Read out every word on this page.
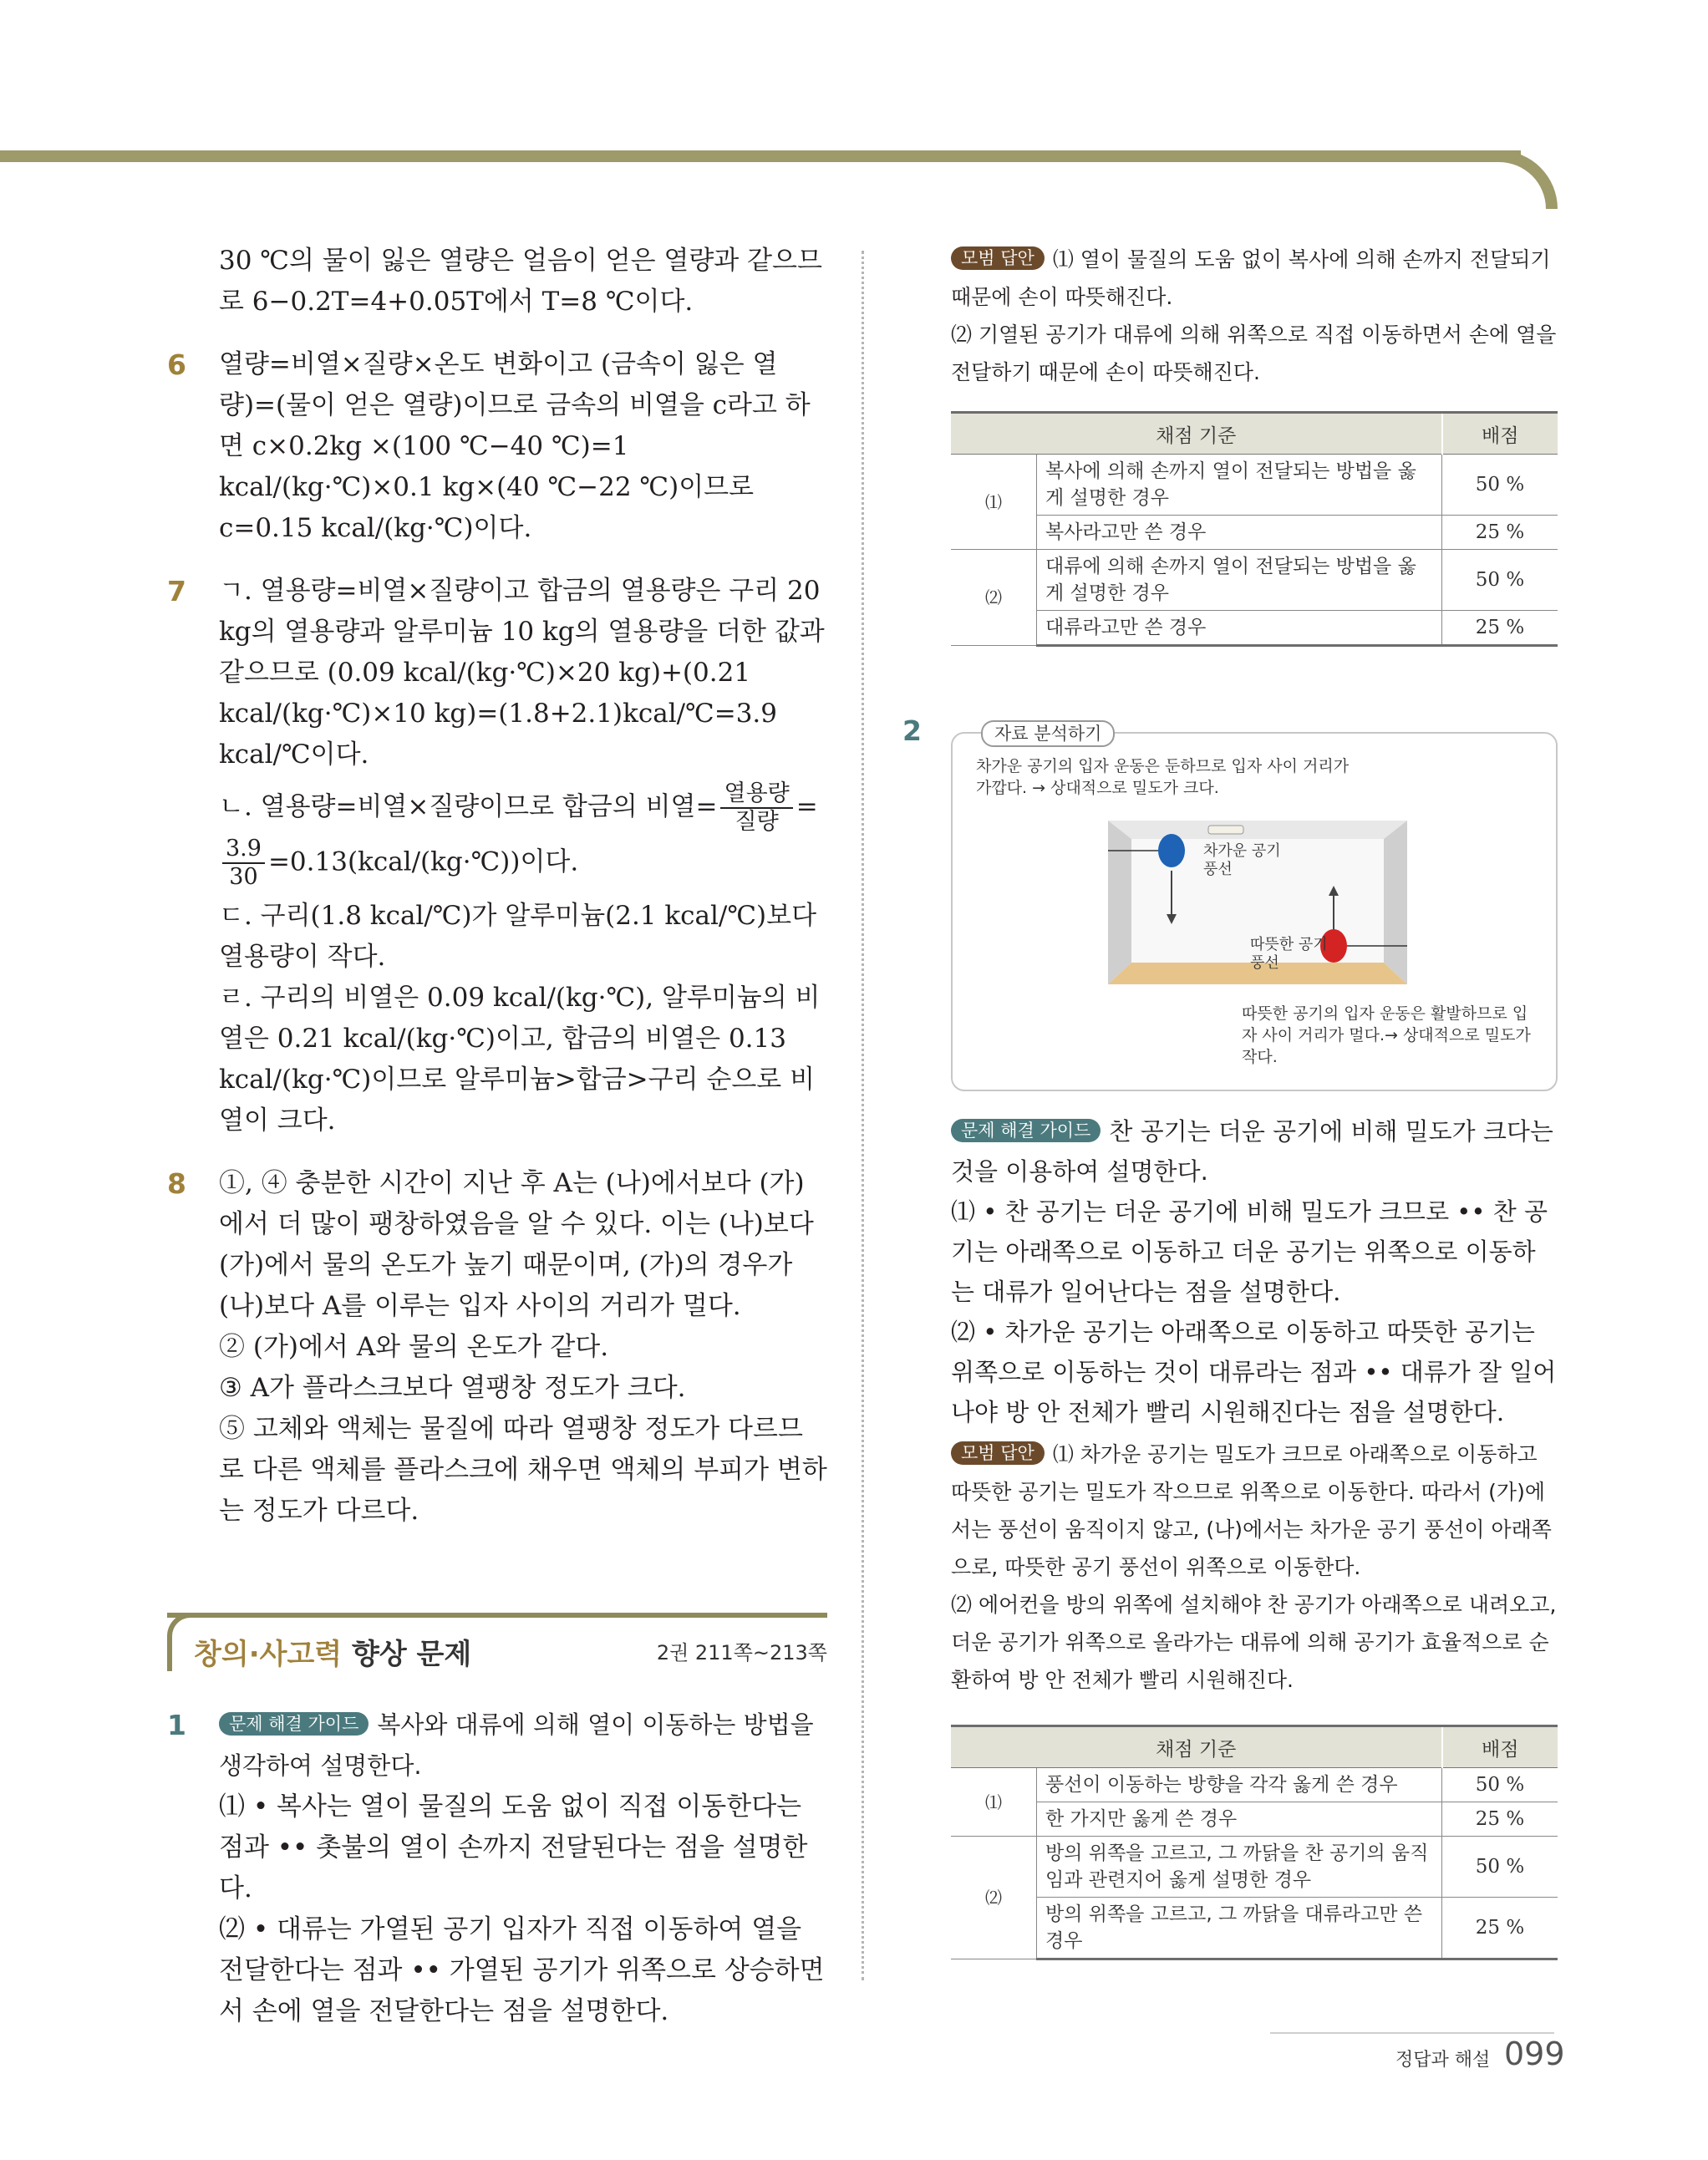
30 ℃의 물이 잃은 열량은 얼음이 얻은 열량과 같으므로 6−0.2T=4+0.05T에서 T=8 ℃이다.
6 열량=비열×질량×온도 변화이고 (금속이 잃은 열량)=(물이 얻은 열량)이므로 금속의 비열을 c라고 하면 c×0.2kg ×(100 ℃−40 ℃)=1 kcal/(kg·℃)×0.1 kg×(40 ℃−22 ℃)이므로 c=0.15 kcal/(kg·℃)이다.
7 ㄱ. 열용량=비열×질량이고 합금의 열용량은 구리 20 kg의 열용량과 알루미늄 10 kg의 열용량을 더한 값과 같으므로 (0.09 kcal/(kg·℃)×20 kg)+(0.21 kcal/(kg·℃)×10 kg)=(1.8+2.1)kcal/℃=3.9 kcal/℃이다.
ㄴ. 열용량=비열×질량이므로 합금의 비열= $\frac{\text{열용량}}{\text{질량}}$ =
$\frac{3.9}{30}$ =0.13(kcal/(kg·℃))이다.
ㄷ. 구리(1.8 kcal/℃)가 알루미늄(2.1 kcal/℃)보다 열용량이 작다.
ㄹ. 구리의 비열은 0.09 kcal/(kg·℃), 알루미늄의 비열은 0.21 kcal/(kg·℃)이고, 합금의 비열은 0.13 kcal/(kg·℃)이므로 알루미늄>합금>구리 순으로 비열이 크다.
8 ①, ④ 충분한 시간이 지난 후 A는 (나)에서보다 (가)에서 더 많이 팽창하였음을 알 수 있다. 이는 (나)보다 (가)에서 물의 온도가 높기 때문이며, (가)의 경우가 (나)보다 A를 이루는 입자 사이의 거리가 멀다.
② (가)에서 A와 물의 온도가 같다.
③ A가 플라스크보다 열팽창 정도가 크다.
⑤ 고체와 액체는 물질에 따라 열팽창 정도가 다르므로 다른 액체를 플라스크에 채우면 액체의 부피가 변하는 정도가 다르다.
창의·사고력 향상 문제	2권 211쪽~213쪽
1	문제 해결 가이드 복사와 대류에 의해 열이 이동하는 방법을 생각하여 설명한다.
⑴ • 복사는 열이 물질의 도움 없이 직접 이동한다는 점과 •• 촛불의 열이 손까지 전달된다는 점을 설명한다.
⑵ • 대류는 가열된 공기 입자가 직접 이동하여 열을 전달한다는 점과 •• 가열된 공기가 위쪽으로 상승하면서 손에 열을 전달한다는 점을 설명한다.
모범 답안 ⑴ 열이 물질의 도움 없이 복사에 의해 손까지 전달되기 때문에 손이 따뜻해진다.
⑵ 기열된 공기가 대류에 의해 위쪽으로 직접 이동하면서 손에 열을 전달하기 때문에 손이 따뜻해진다.
채점 기준		배점
⑴	복사에 의해 손까지 열이 전달되는 방법을 옳게 설명한 경우	50 %
	복사라고만 쓴 경우	25 %
⑵	대류에 의해 손까지 열이 전달되는 방법을 옳게 설명한 경우	50 %
	대류라고만 쓴 경우	25 %
2	자료 분석하기
차가운 공기의 입자 운동은 둔하므로 입자 사이 거리가 가깝다. → 상대적으로 밀도가 크다.
차가운 공기 풍선
따뜻한 공기 풍선
따뜻한 공기의 입자 운동은 활발하므로 입자 사이 거리가 멀다.→ 상대적으로 밀도가 작다.
문제 해결 가이드 찬 공기는 더운 공기에 비해 밀도가 크다는 것을 이용하여 설명한다.
⑴ • 찬 공기는 더운 공기에 비해 밀도가 크므로 •• 찬 공기는 아래쪽으로 이동하고 더운 공기는 위쪽으로 이동하는 대류가 일어난다는 점을 설명한다.
⑵ • 차가운 공기는 아래쪽으로 이동하고 따뜻한 공기는 위쪽으로 이동하는 것이 대류라는 점과 •• 대류가 잘 일어나야 방 안 전체가 빨리 시원해진다는 점을 설명한다.
모범 답안 ⑴ 차가운 공기는 밀도가 크므로 아래쪽으로 이동하고 따뜻한 공기는 밀도가 작으므로 위쪽으로 이동한다. 따라서 (가)에서는 풍선이 움직이지 않고, (나)에서는 차가운 공기 풍선이 아래쪽으로, 따뜻한 공기 풍선이 위쪽으로 이동한다.
⑵ 에어컨을 방의 위쪽에 설치해야 찬 공기가 아래쪽으로 내려오고, 더운 공기가 위쪽으로 올라가는 대류에 의해 공기가 효율적으로 순환하여 방 안 전체가 빨리 시원해진다.
채점 기준		배점
⑴	풍선이 이동하는 방향을 각각 옳게 쓴 경우	50 %
	한 가지만 옳게 쓴 경우	25 %
⑵	방의 위쪽을 고르고, 그 까닭을 찬 공기의 움직임과 관련지어 옳게 설명한 경우	50 %
	방의 위쪽을 고르고, 그 까닭을 대류라고만 쓴 경우	25 %
정답과 해설 099
